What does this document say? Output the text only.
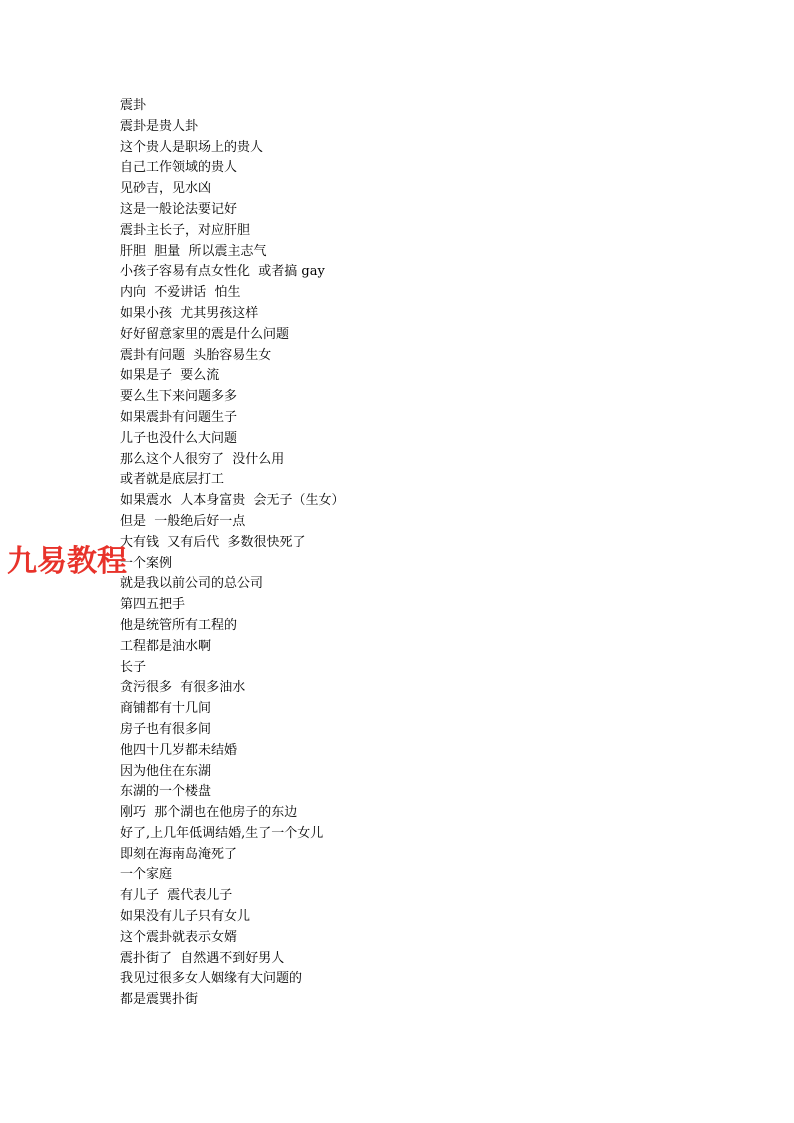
震卦
震卦是贵人卦
这个贵人是职场上的贵人
自己工作领域的贵人
见砂吉，见水凶
这是一般论法要记好
震卦主长子，对应肝胆
肝胆  胆量  所以震主志气
小孩子容易有点女性化  或者搞 gay
内向  不爱讲话  怕生
如果小孩  尤其男孩这样
好好留意家里的震是什么问题
震卦有问题  头胎容易生女
如果是子  要么流
要么生下来问题多多
如果震卦有问题生子
儿子也没什么大问题
那么这个人很穷了  没什么用
或者就是底层打工
如果震水  人本身富贵  会无子（生女）
但是  一般绝后好一点
大有钱  又有后代  多数很快死了
一个案例
就是我以前公司的总公司
第四五把手
他是统管所有工程的
工程都是油水啊
长子
贪污很多  有很多油水
商铺都有十几间
房子也有很多间
他四十几岁都未结婚
因为他住在东湖
东湖的一个楼盘
刚巧  那个湖也在他房子的东边
好了,上几年低调结婚,生了一个女儿
即刻在海南岛淹死了
一个家庭
有儿子  震代表儿子
如果没有儿子只有女儿
这个震卦就表示女婿
震扑街了  自然遇不到好男人
我见过很多女人姻缘有大问题的
都是震巽扑街
九易教程
